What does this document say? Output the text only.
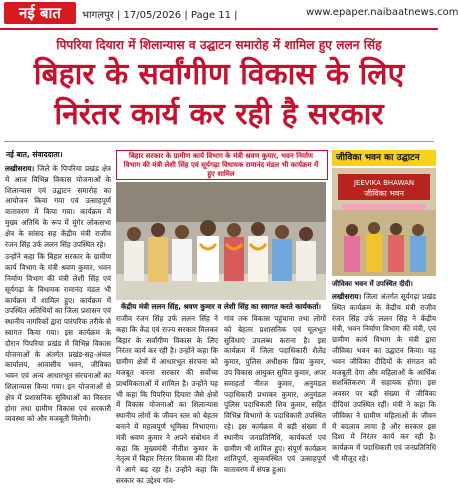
नई बात	भागलपुर | 17/05/2026 | Page 11 |	www.epaper.naibaatnews.com
पिपरिया दियारा में शिलान्यास व उद्घाटन समारोह में शामिल हुए ललन सिंह
बिहार के सर्वांगीण विकास के लिए
निरंतर कार्य कर रही है सरकार
नई बात, संवाददाता।

लखीसराय। जिले के पिपरिया प्रखंड क्षेत्र में आज विभिन्न विकास योजनाओं के शिलान्यास एवं उद्घाटन समारोह का आयोजन किया गया एवं उत्साहपूर्ण वातावरण में किया गया। कार्यक्रम में मुख्य अतिथि के रूप में मुंगेर लोकसभा क्षेत्र के सांसद सह केंद्रीय मंत्री राजीव रंजन सिंह उर्फ ललन सिंह उपस्थित रहे।

उन्होंने कहा कि बिहार सरकार के ग्रामीण कार्य विभाग के मंत्री श्रवण कुमार, भवन निर्माण विभाग की मंत्री लेशी सिंह एवं सूर्यगढ़ा के विधायक रामानंद मंडल भी कार्यक्रम में शामिल हुए। कार्यक्रम में उपस्थित अतिथियों का जिला प्रशासन एवं स्थानीय नागरिकों द्वारा पारंपरिक तरीके से स्वागत किया गया। इस कार्यक्रम के दौरान पिपरिया प्रखंड में विभिन्न विकास योजनाओं के अंतर्गत प्रखंड-सह-अंचल कार्यालय, आवासीय भवन, जीविका भवन एवं अन्य आधारभूत संरचनाओं का शिलान्यास किया गया। इन योजनाओं से क्षेत्र में प्रशासनिक सुविधाओं का विस्तार होगा तथा ग्रामीण विकास एवं सरकारी व्यवस्था को और मजबूती मिलेगी।

बिहार सरकार के ग्रामीण कार्य विभाग के मंत्री श्रवण कुमार, भवन निर्माण विभाग की मंत्री लेशी सिंह एवं सूर्यगढ़ा विधायक रामानंद मंडल भी कार्यक्रम में हुए शामिल
केंद्रीय मंत्री ललन सिंह, श्रवण कुमार व लेशी सिंह का स्वागत करते कार्यकर्ता।
राजीव रंजन सिंह उर्फ ललन सिंह ने कहा कि केंद्र एवं राज्य सरकार मिलकर बिहार के सर्वांगीण विकास के लिए निरंतर कार्य कर रही है। उन्होंने कहा कि ग्रामीण क्षेत्रों में आधारभूत संरचना को मजबूत करना सरकार की सर्वोच्च प्राथमिकताओं में शामिल है। उन्होंने यह भी कहा कि पिपरिया दियारा जैसे क्षेत्रों में विकास योजनाओं का शिलान्यास स्थानीय लोगों के जीवन स्तर को बेहतर बनाने में महत्वपूर्ण भूमिका निभाएगा। मंत्री श्रवण कुमार ने अपने संबोधन में कहा कि मुख्यमंत्री नीतीश कुमार के नेतृत्व में बिहार निरंतर विकास की दिशा में आगे बढ़ रहा है। उन्होंने कहा कि सरकार का उद्देश्य गांव-
गांव तक विकास पहुंचाना तथा लोगों को बेहतर प्रशासनिक एवं मूलभूत सुविधाएं उपलब्ध कराना है। इस कार्यक्रम में जिला पदाधिकारी शैलेंद्र कुमार, पुलिस अधीक्षक प्रिया कुमार, उप विकास आयुक्त सुमित कुमार, अपर समाहर्ता नीरज कुमार, अनुमंडल पदाधिकारी प्रभाकर कुमार, अनुमंडल पुलिस पदाधिकारी शिव कुमार, सहित विभिन्न विभागों के पदाधिकारी उपस्थित रहे। इस कार्यक्रम में बड़ी संख्या में स्थानीय जनप्रतिनिधि, कार्यकर्ता एवं ग्रामीण भी शामिल हुए। संपूर्ण कार्यक्रम शांतिपूर्ण, सुव्यवस्थित एवं उत्साहपूर्ण वातावरण में संपन्न हुआ।
जीविका भवन का उद्घाटन
JEEVIKA BHAWAN
जीविका भवन
जीविका भवन में उपस्थित दीदी।
लखीसराय। जिला अंतर्गत सूर्यगढ़ा प्रखंड स्थित कार्यक्रम के केंद्रीय मंत्री राजीव रंजन सिंह उर्फ ललन सिंह ने केंद्रीय मंत्री, भवन निर्माण विभाग की मंत्री, एवं ग्रामीण कार्य विभाग के मंत्री द्वारा जीविका भवन का उद्घाटन किया। यह भवन जीविका दीदियों के संगठन को मजबूती देगा और महिलाओं के आर्थिक सशक्तिकरण में सहायक होगा। इस अवसर पर बड़ी संख्या में जीविका दीदियां उपस्थित रहीं। मंत्री ने कहा कि जीविका ने ग्रामीण महिलाओं के जीवन में बदलाव लाया है और सरकार इस दिशा में निरंतर कार्य कर रही है। कार्यक्रम में पदाधिकारी एवं जनप्रतिनिधि भी मौजूद रहे।
